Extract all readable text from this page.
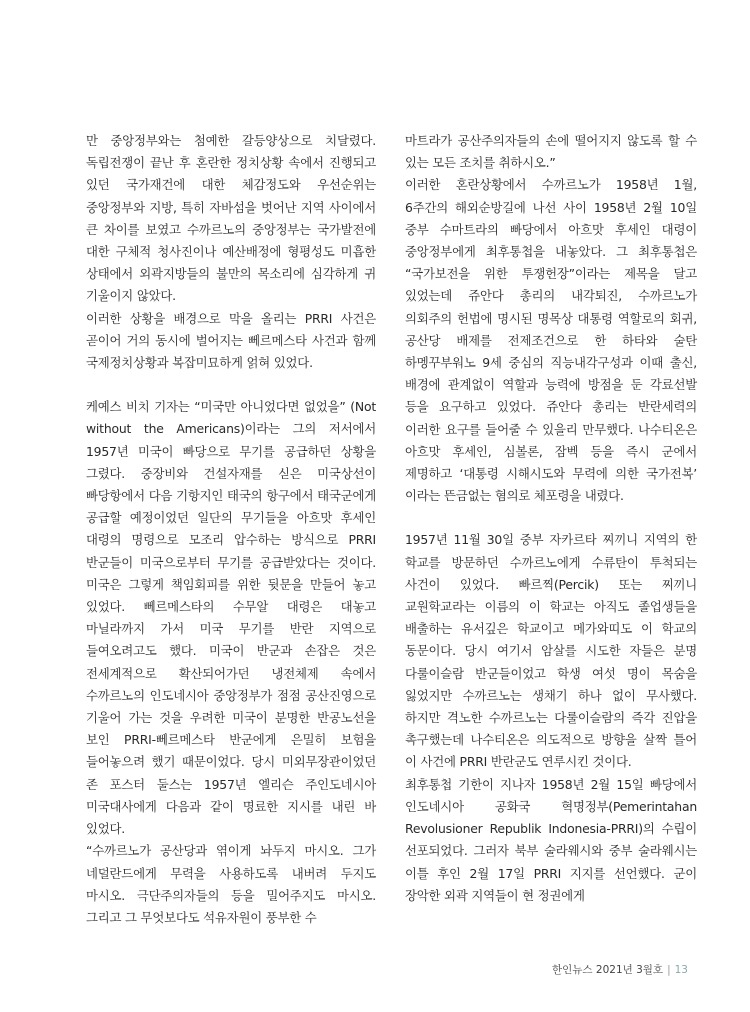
만 중앙정부와는 첨예한 갈등양상으로 치달렸다. 독립전쟁이 끝난 후 혼란한 정치상황 속에서 진행되고 있던 국가재건에 대한 체감정도와 우선순위는 중앙정부와 지방, 특히 자바섬을 벗어난 지역 사이에서 큰 차이를 보였고 수까르노의 중앙정부는 국가발전에 대한 구체적 청사진이나 예산배정에 형평성도 미흡한 상태에서 외곽지방들의 불만의 목소리에 심각하게 귀 기울이지 않았다.

이러한 상황을 배경으로 막을 올리는 PRRI 사건은 곧이어 거의 동시에 벌어지는 뻬르메스타 사건과 함께 국제정치상황과 복잡미묘하게 얽혀 있었다.

케예스 비치 기자는 “미국만 아니었다면 없었을” (Not without the Americans)이라는 그의 저서에서 1957년 미국이 빠당으로 무기를 공급하던 상황을 그렸다. 중장비와 건설자재를 싣은 미국상선이 빠당항에서 다음 기항지인 태국의 항구에서 태국군에게 공급할 예정이었던 일단의 무기들을 아흐맛 후세인 대령의 명령으로 모조리 압수하는 방식으로 PRRI 반군들이 미국으로부터 무기를 공급받았다는 것이다. 미국은 그렇게 책임회피를 위한 뒷문을 만들어 놓고 있었다. 뻬르메스타의 수무알 대령은 대놓고 마닐라까지 가서 미국 무기를 반란 지역으로 들여오려고도 했다. 미국이 반군과 손잡은 것은 전세계적으로 확산되어가던 냉전체제 속에서 수까르노의 인도네시아 중앙정부가 점점 공산진영으로 기울어 가는 것을 우려한 미국이 분명한 반공노선을 보인 PRRI-뻬르메스타 반군에게 은밀히 보험을 들어놓으려 했기 때문이었다. 당시 미외무장관이었던 존 포스터 둘스는 1957년 엘리슨 주인도네시아 미국대사에게 다음과 같이 명료한 지시를 내린 바 있었다.

“수까르노가 공산당과 엮이게 놔두지 마시오. 그가 네덜란드에게 무력을 사용하도록 내버려 두지도 마시오. 극단주의자들의 등을 밀어주지도 마시오. 그리고 그 무엇보다도 석유자원이 풍부한 수

마트라가 공산주의자들의 손에 떨어지지 않도록 할 수 있는 모든 조치를 취하시오.”

이러한 혼란상황에서 수까르노가 1958년 1월, 6주간의 해외순방길에 나선 사이 1958년 2월 10일 중부 수마트라의 빠당에서 아흐맛 후세인 대령이 중앙정부에게 최후통첩을 내놓았다. 그 최후통첩은 “국가보전을 위한 투쟁헌장”이라는 제목을 달고 있었는데 쥬안다 총리의 내각퇴진, 수까르노가 의회주의 헌법에 명시된 명목상 대통령 역할로의 회귀, 공산당 배제를 전제조건으로 한 하타와 술탄 하멩꾸부워노 9세 중심의 직능내각구성과 이때 출신, 배경에 관계없이 역할과 능력에 방점을 둔 각료선발 등을 요구하고 있었다. 쥬안다 총리는 반란세력의 이러한 요구를 들어줄 수 있을리 만무했다. 나수티온은 아흐맛 후세인, 심볼론, 잠벡 등을 즉시 군에서 제명하고 ‘대통령 시해시도와 무력에 의한 국가전복’ 이라는 뜬금없는 혐의로 체포령을 내렸다.

1957년 11월 30일 중부 자카르타 찌끼니 지역의 한 학교를 방문하던 수까르노에게 수류탄이 투척되는 사건이 있었다. 빠르찍(Percik) 또는 찌끼니 교원학교라는 이름의 이 학교는 아직도 졸업생들을 배출하는 유서깊은 학교이고 메가와띠도 이 학교의 동문이다. 당시 여기서 암살를 시도한 자들은 분명 다룰이슬람 반군들이었고 학생 여섯 명이 목숨을 잃었지만 수까르노는 생채기 하나 없이 무사했다. 하지만 격노한 수까르노는 다룰이슬람의 즉각 진압을 촉구했는데 나수티온은 의도적으로 방향을 살짝 틀어 이 사건에 PRRI 반란군도 연루시킨 것이다.

최후통첩 기한이 지나자 1958년 2월 15일 빠당에서 인도네시아 공화국 혁명정부(Pemerintahan Revolusioner Republik Indonesia-PRRI)의 수립이 선포되었다. 그러자 북부 술라웨시와 중부 술라웨시는 이틀 후인 2월 17일 PRRI 지지를 선언했다. 군이 장악한 외곽 지역들이 현 정권에게

한인뉴스 2021년 3월호 | 13
